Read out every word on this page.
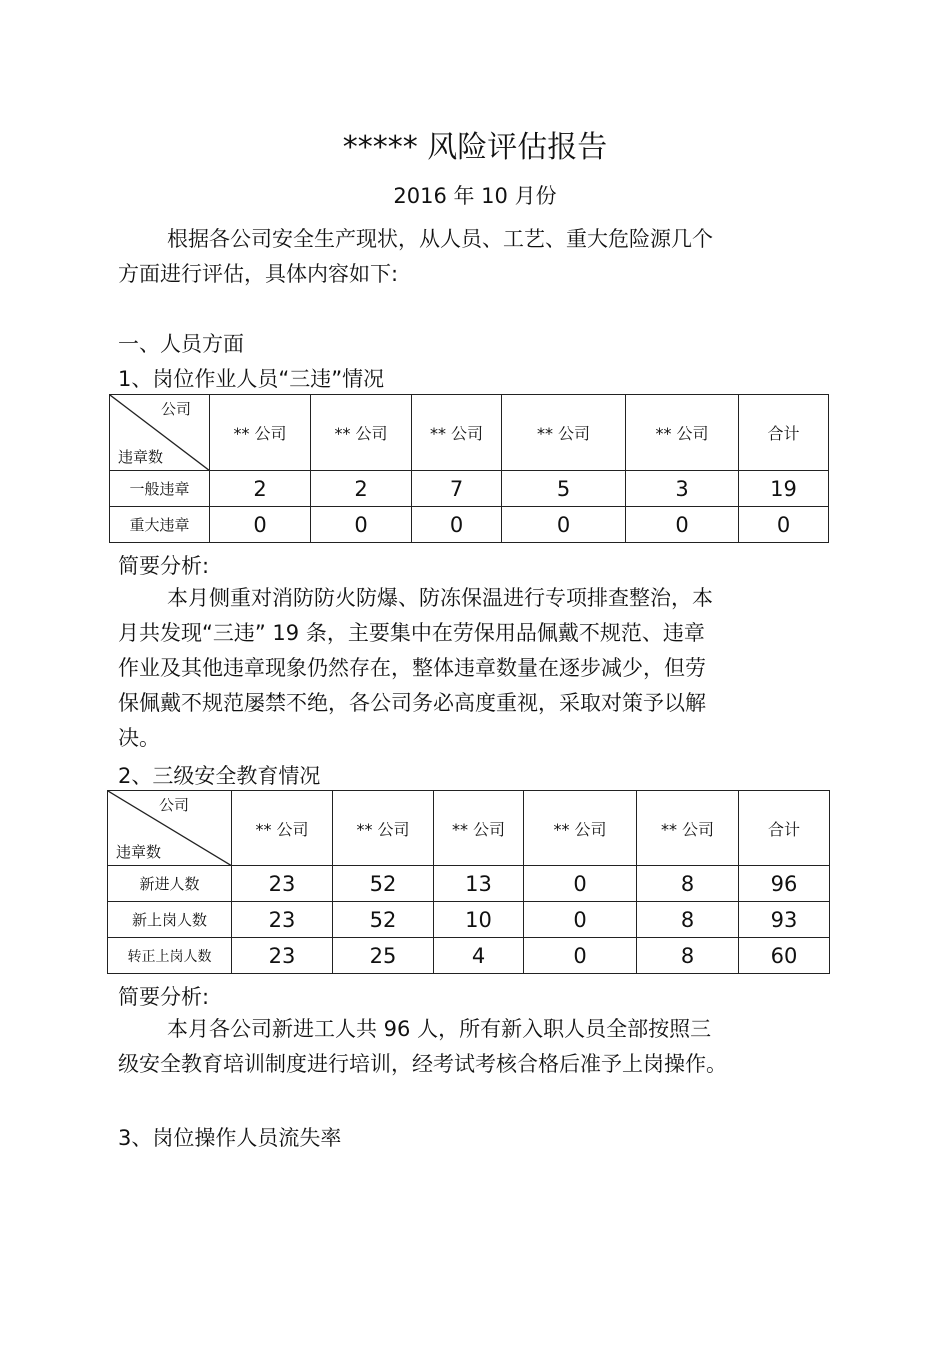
***** 风险评估报告
2016 年 10 月份
根据各公司安全生产现状，从人员、工艺、重大危险源几个
方面进行评估，具体内容如下:
一、人员方面
1、岗位作业人员“三违”情况
公司
违章数	** 公司	** 公司	** 公司	** 公司	** 公司	合计
一般违章	2	2	7	5	3	19
重大违章	0	0	0	0	0	0
简要分析:
本月侧重对消防防火防爆、防冻保温进行专项排查整治，本
月共发现“三违” 19 条，主要集中在劳保用品佩戴不规范、违章
作业及其他违章现象仍然存在，整体违章数量在逐步减少，但劳
保佩戴不规范屡禁不绝，各公司务必高度重视，采取对策予以解
决。
2、三级安全教育情况
公司
违章数	** 公司	** 公司	** 公司	** 公司	** 公司	合计
新进人数	23	52	13	0	8	96
新上岗人数	23	52	10	0	8	93
转正上岗人数	23	25	4	0	8	60
简要分析:
本月各公司新进工人共 96 人，所有新入职人员全部按照三
级安全教育培训制度进行培训，经考试考核合格后准予上岗操作。
3、岗位操作人员流失率
